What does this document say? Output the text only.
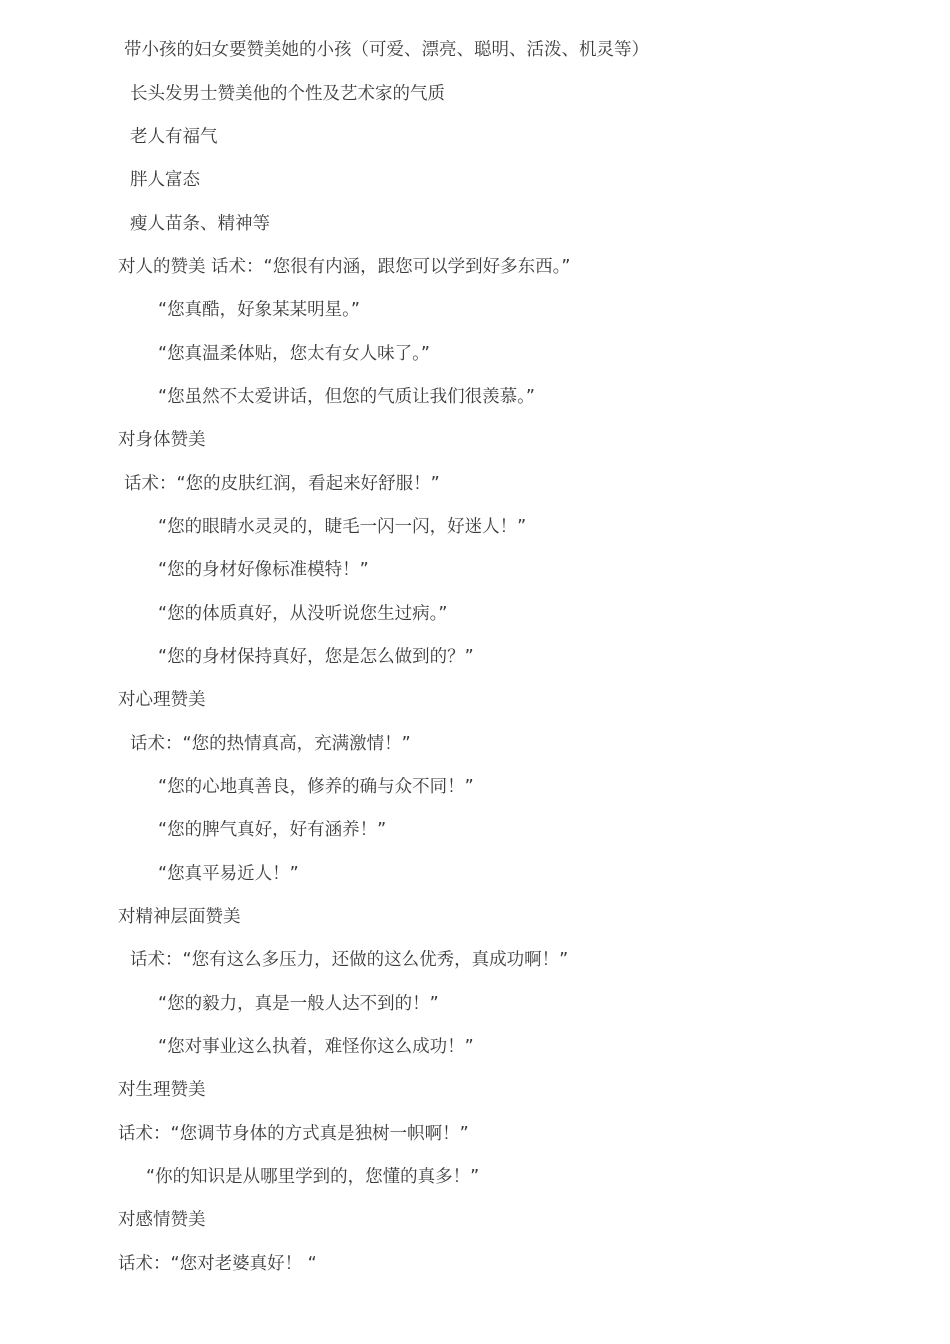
带小孩的妇女要赞美她的小孩（可爱、漂亮、聪明、活泼、机灵等）
长头发男士赞美他的个性及艺术家的气质
老人有福气
胖人富态
瘦人苗条、精神等
对人的赞美 话术：“您很有内涵，跟您可以学到好多东西。”
“您真酷，好象某某明星。”
“您真温柔体贴，您太有女人味了。”
“您虽然不太爱讲话，但您的气质让我们很羡慕。”
对身体赞美
话术：“您的皮肤红润，看起来好舒服！”
“您的眼睛水灵灵的，睫毛一闪一闪，好迷人！”
“您的身材好像标准模特！”
“您的体质真好，从没听说您生过病。”
“您的身材保持真好，您是怎么做到的？”
对心理赞美
话术：“您的热情真高，充满激情！”
“您的心地真善良，修养的确与众不同！”
“您的脾气真好，好有涵养！”
“您真平易近人！”
对精神层面赞美
话术：“您有这么多压力，还做的这么优秀，真成功啊！”
“您的毅力，真是一般人达不到的！”
“您对事业这么执着，难怪你这么成功！”
对生理赞美
话术：“您调节身体的方式真是独树一帜啊！”
“你的知识是从哪里学到的，您懂的真多！”
对感情赞美
话术：“您对老婆真好！ “
